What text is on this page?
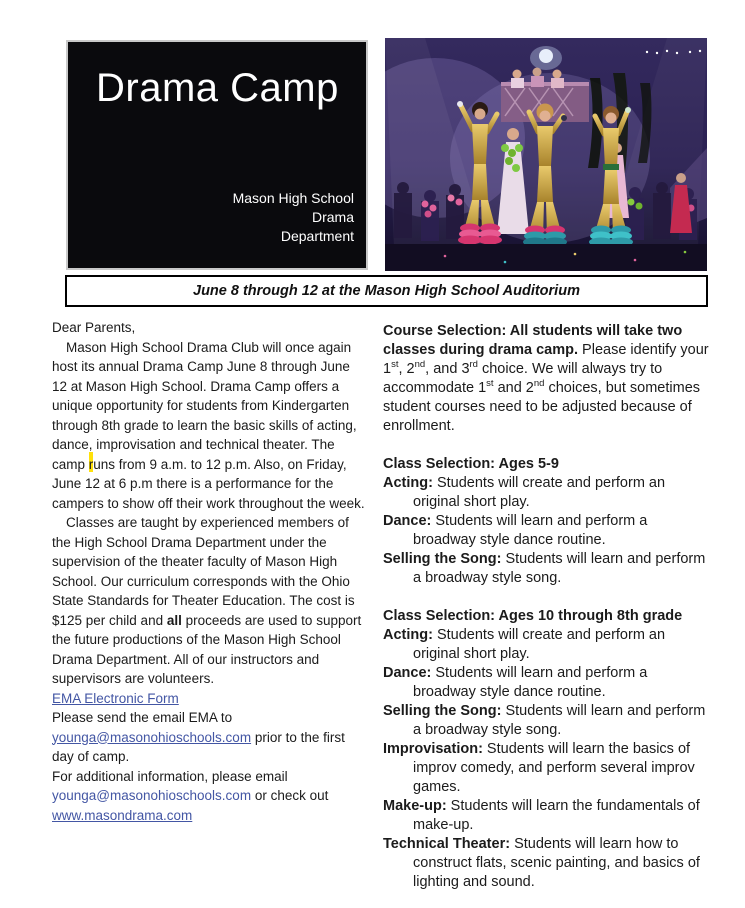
Drama Camp
Mason High School
Drama
Department
June 8 through 12 at the Mason High School Auditorium

Dear Parents,

Mason High School Drama Club will once again host its annual Drama Camp June 8 through June 12 at Mason High School. Drama Camp offers a unique opportunity for students from Kindergarten through 8th grade to learn the basic skills of acting, dance, improvisation and technical theater. The camp runs from 9 a.m. to 12 p.m. Also, on Friday, June 12 at 6 p.m there is a performance for the campers to show off their work throughout the week.

Classes are taught by experienced members of the High School Drama Department under the supervision of the theater faculty of Mason High School. Our curriculum corresponds with the Ohio State Standards for Theater Education. The cost is $125 per child and all proceeds are used to support the future productions of the Mason High School Drama Department. All of our instructors and supervisors are volunteers.

EMA Electronic Form

Please send the email EMA to younga@masonohioschools.com prior to the first day of camp.

For additional information, please email younga@masonohioschools.com or check out www.masondrama.com

Course Selection: All students will take two classes during drama camp. Please identify your 1st, 2nd, and 3rd choice. We will always try to accommodate 1st and 2nd choices, but sometimes student courses need to be adjusted because of enrollment.

Class Selection: Ages 5-9

Acting: Students will create and perform an original short play.

Dance: Students will learn and perform a broadway style dance routine.

Selling the Song: Students will learn and perform a broadway style song.

Class Selection: Ages 10 through 8th grade

Acting: Students will create and perform an original short play.

Dance: Students will learn and perform a broadway style dance routine.

Selling the Song: Students will learn and perform a broadway style song.

Improvisation: Students will learn the basics of improv comedy, and perform several improv games.

Make-up: Students will learn the fundamentals of make-up.

Technical Theater: Students will learn how to construct flats, scenic painting, and basics of lighting and sound.
